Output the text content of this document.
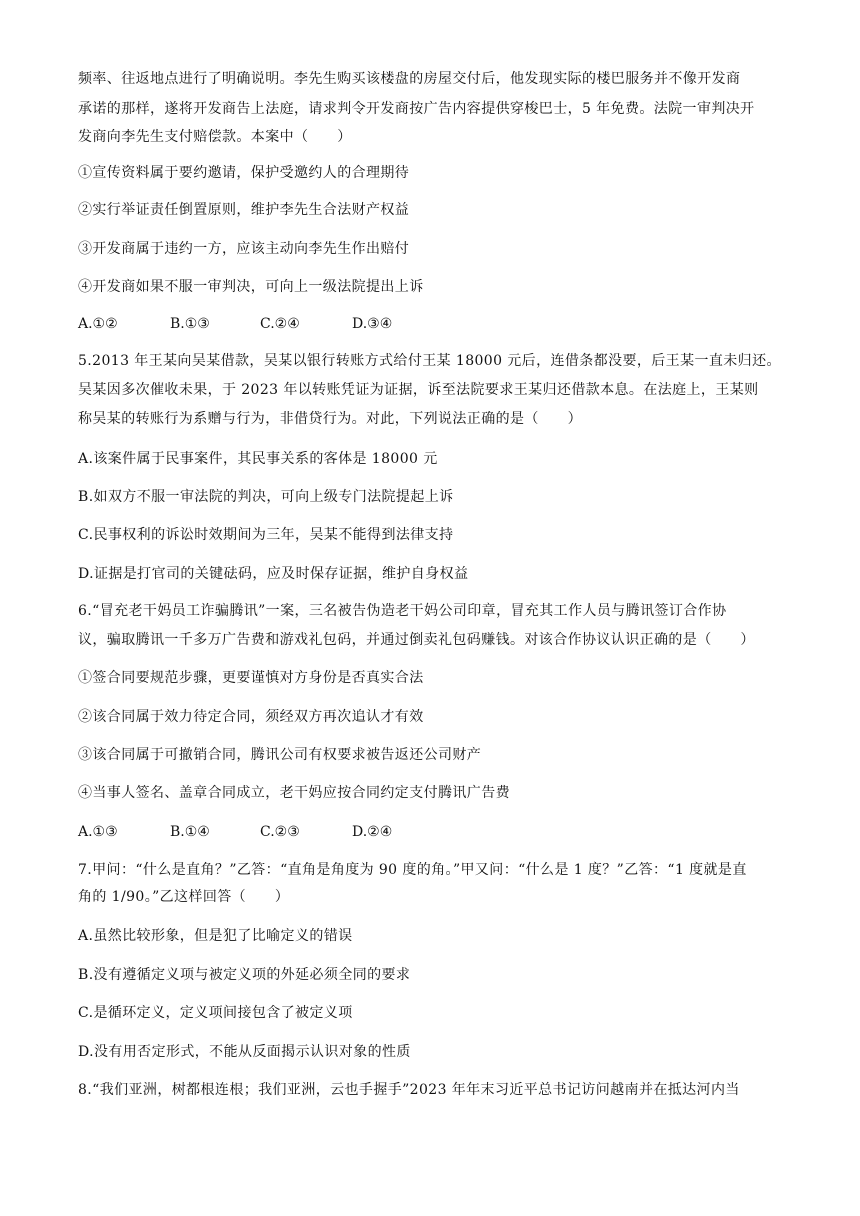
频率、往返地点进行了明确说明。李先生购买该楼盘的房屋交付后，他发现实际的楼巴服务并不像开发商
承诺的那样，遂将开发商告上法庭，请求判令开发商按广告内容提供穿梭巴士，5 年免费。法院一审判决开
发商向李先生支付赔偿款。本案中（　　）
①宣传资料属于要约邀请，保护受邀约人的合理期待
②实行举证责任倒置原则，维护李先生合法财产权益
③开发商属于违约一方，应该主动向李先生作出赔付
④开发商如果不服一审判决，可向上一级法院提出上诉
A.①②	B.①③	C.②④	D.③④
5.2013 年王某向吴某借款，吴某以银行转账方式给付王某 18000 元后，连借条都没要，后王某一直未归还。
吴某因多次催收未果，于 2023 年以转账凭证为证据，诉至法院要求王某归还借款本息。在法庭上，王某则
称吴某的转账行为系赠与行为，非借贷行为。对此，下列说法正确的是（　　）
A.该案件属于民事案件，其民事关系的客体是 18000 元
B.如双方不服一审法院的判决，可向上级专门法院提起上诉
C.民事权利的诉讼时效期间为三年，吴某不能得到法律支持
D.证据是打官司的关键砝码，应及时保存证据，维护自身权益
6.“冒充老干妈员工诈骗腾讯”一案，三名被告伪造老干妈公司印章，冒充其工作人员与腾讯签订合作协
议，骗取腾讯一千多万广告费和游戏礼包码，并通过倒卖礼包码赚钱。对该合作协议认识正确的是（　　）
①签合同要规范步骤，更要谨慎对方身份是否真实合法
②该合同属于效力待定合同，须经双方再次追认才有效
③该合同属于可撤销合同，腾讯公司有权要求被告返还公司财产
④当事人签名、盖章合同成立，老干妈应按合同约定支付腾讯广告费
A.①③	B.①④	C.②③	D.②④
7.甲问：“什么是直角？”乙答：“直角是角度为 90 度的角。”甲又问：“什么是 1 度？”乙答：“1 度就是直
角的 1/90。”乙这样回答（　　）
A.虽然比较形象，但是犯了比喻定义的错误
B.没有遵循定义项与被定义项的外延必须全同的要求
C.是循环定义，定义项间接包含了被定义项
D.没有用否定形式，不能从反面揭示认识对象的性质
8.“我们亚洲，树都根连根；我们亚洲，云也手握手”2023 年年末习近平总书记访问越南并在抵达河内当
